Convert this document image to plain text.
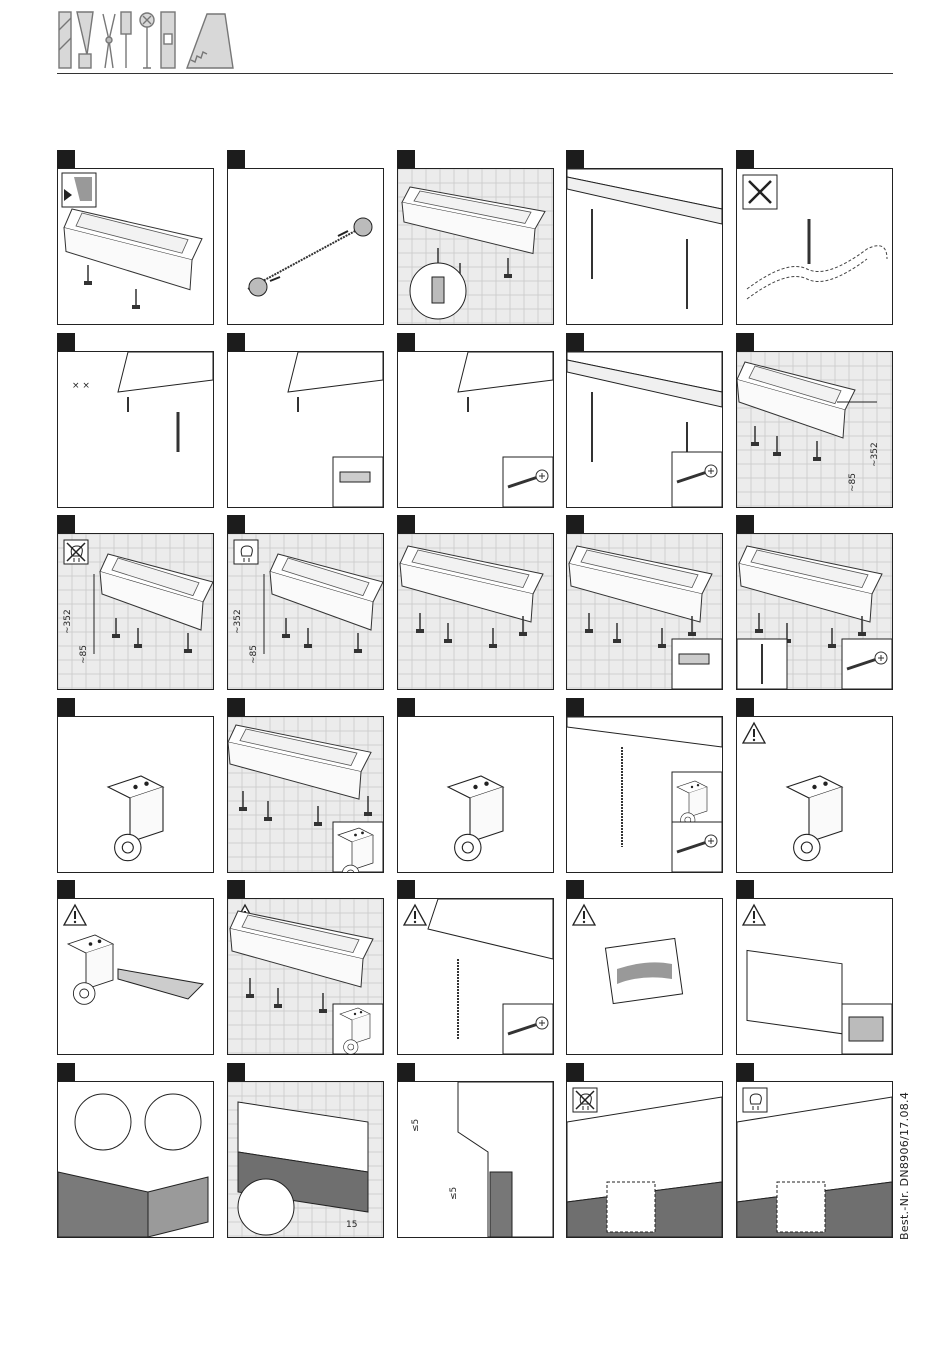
× ×
~85
~352
~352
~85
~352
~85
15
≤5
≤5	Best.-Nr. DN8906/17.08.4
